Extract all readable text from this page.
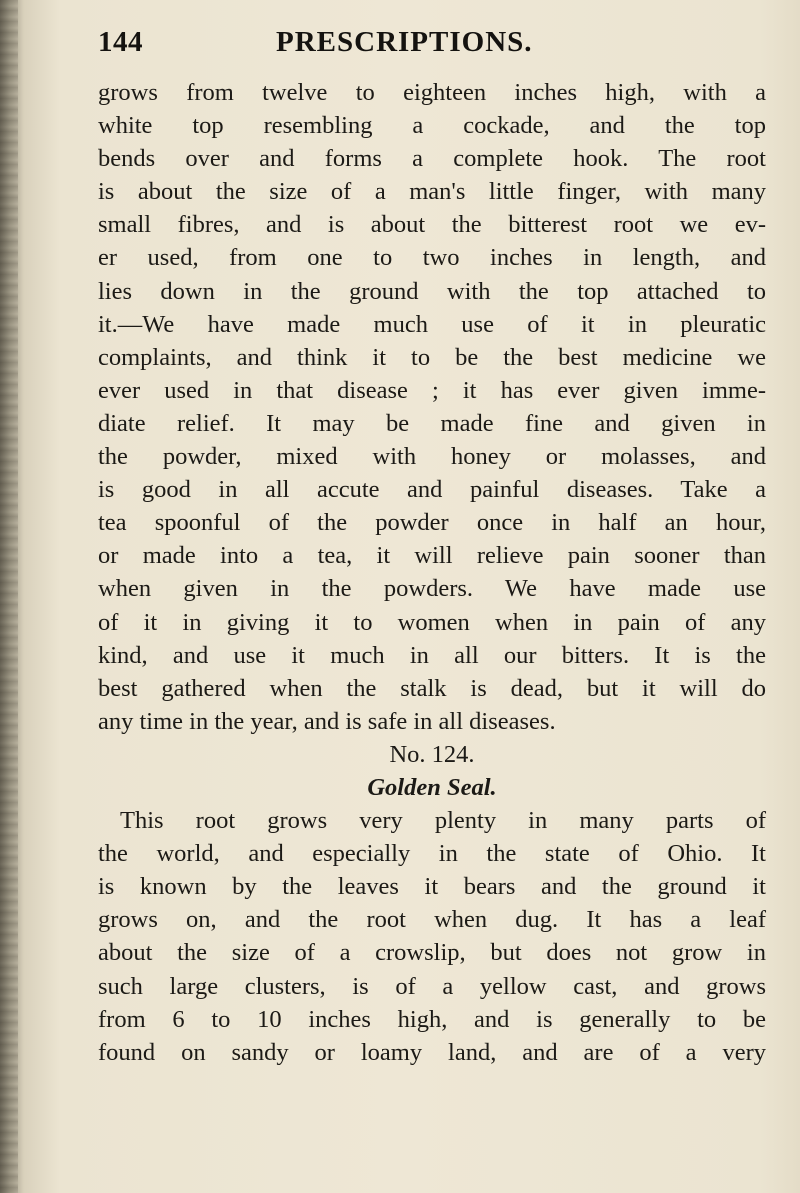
144	PRESCRIPTIONS.
grows from twelve to eighteen inches high, with a
white top resembling a cockade, and the top
bends over and forms a complete hook. The root
is about the size of a man's little finger, with many
small fibres, and is about the bitterest root we ev-
er used, from one to two inches in length, and
lies down in the ground with the top attached to
it.—We have made much use of it in pleuratic
complaints, and think it to be the best medicine we
ever used in that disease ; it has ever given imme-
diate relief. It may be made fine and given in
the powder, mixed with honey or molasses, and
is good in all accute and painful diseases. Take a
tea spoonful of the powder once in half an hour,
or made into a tea, it will relieve pain sooner than
when given in the powders. We have made use
of it in giving it to women when in pain of any
kind, and use it much in all our bitters. It is the
best gathered when the stalk is dead, but it will do
any time in the year, and is safe in all diseases.
No. 124.
Golden Seal.
This root grows very plenty in many parts of
the world, and especially in the state of Ohio. It
is known by the leaves it bears and the ground it
grows on, and the root when dug. It has a leaf
about the size of a crowslip, but does not grow in
such large clusters, is of a yellow cast, and grows
from 6 to 10 inches high, and is generally to be
found on sandy or loamy land, and are of a very
